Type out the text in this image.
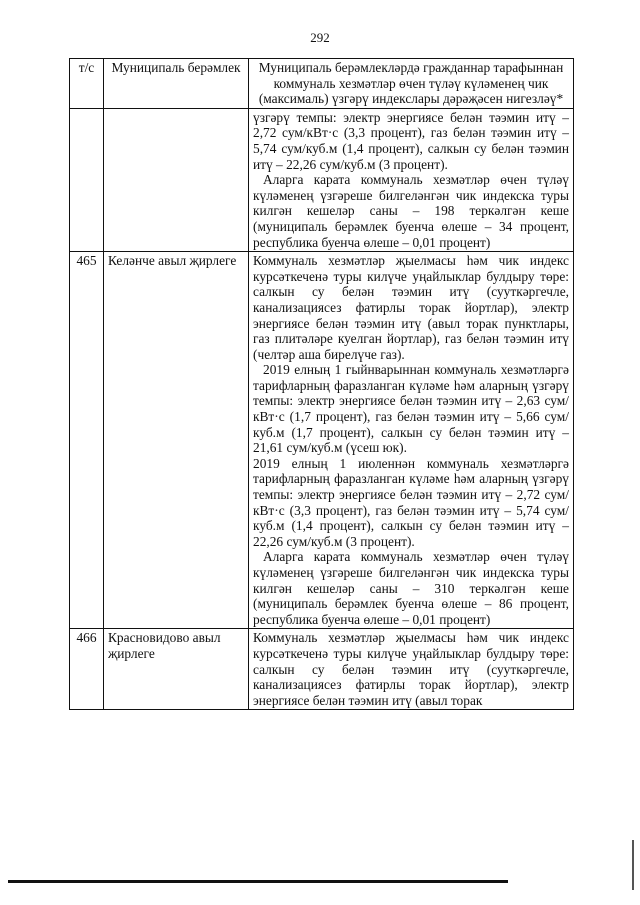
292
т/с	Муниципаль берәмлек	Муниципаль берәмлекләрдә гражданнар тарафыннан коммуналь хезмәтләр өчен түләү күләменең чик (максималь) үзгәрү индекслары дәрәҗәсен нигезләү*

		үзгәрү темпы: электр энергиясе белән тәэмин итү – 2,72 сум/кВт·с (3,3 процент), газ белән тәэмин итү – 5,74 сум/куб.м (1,4 процент), салкын су белән тәэмин итү – 22,26 сум/куб.м (3 процент).

Аларга карата коммуналь хезмәтләр өчен түләү күләменең үзгәреше билгеләнгән чик индекска туры килгән кешеләр саны – 198 теркәлгән кеше (муниципаль берәмлек буенча өлеше – 34 процент, республика буенча өлеше – 0,01 процент)

465	Келәнче авыл җирлеге	Коммуналь хезмәтләр җыелмасы һәм чик индекс курсәткеченә туры килүче уңайлыклар булдыру төре: салкын су белән тәэмин итү (сууткәргечле, канализациясез фатирлы торак йортлар), электр энергиясе белән тәэмин итү (авыл торак пунктлары, газ плитәләре куелган йортлар), газ белән тәэмин итү (челтәр аша бирелүче газ).

2019 елның 1 гыйнварыннан коммуналь хезмәтләргә тарифларның фаразланган күләме һәм аларның үзгәрү темпы: электр энергиясе белән тәэмин итү – 2,63 сум/кВт·с (1,7 процент), газ белән тәэмин итү – 5,66 сум/куб.м (1,7 процент), салкын су белән тәэмин итү – 21,61 сум/куб.м (үсеш юк).

2019 елның 1 июленнән коммуналь хезмәтләргә тарифларның фаразланган күләме һәм аларның үзгәрү темпы: электр энергиясе белән тәэмин итү – 2,72 сум/кВт·с (3,3 процент), газ белән тәэмин итү – 5,74 сум/куб.м (1,4 процент), салкын су белән тәэмин итү – 22,26 сум/куб.м (3 процент).

Аларга карата коммуналь хезмәтләр өчен түләү күләменең үзгәреше билгеләнгән чик индекска туры килгән кешеләр саны – 310 теркәлгән кеше (муниципаль берәмлек буенча өлеше – 86 процент, республика буенча өлеше – 0,01 процент)

466	Красновидово авыл җирлеге	Коммуналь хезмәтләр җыелмасы һәм чик индекс курсәткеченә туры килүче уңайлыклар булдыру төре: салкын су белән тәэмин итү (сууткәргечле, канализациясез фатирлы торак йортлар), электр энергиясе белән тәэмин итү (авыл торак
